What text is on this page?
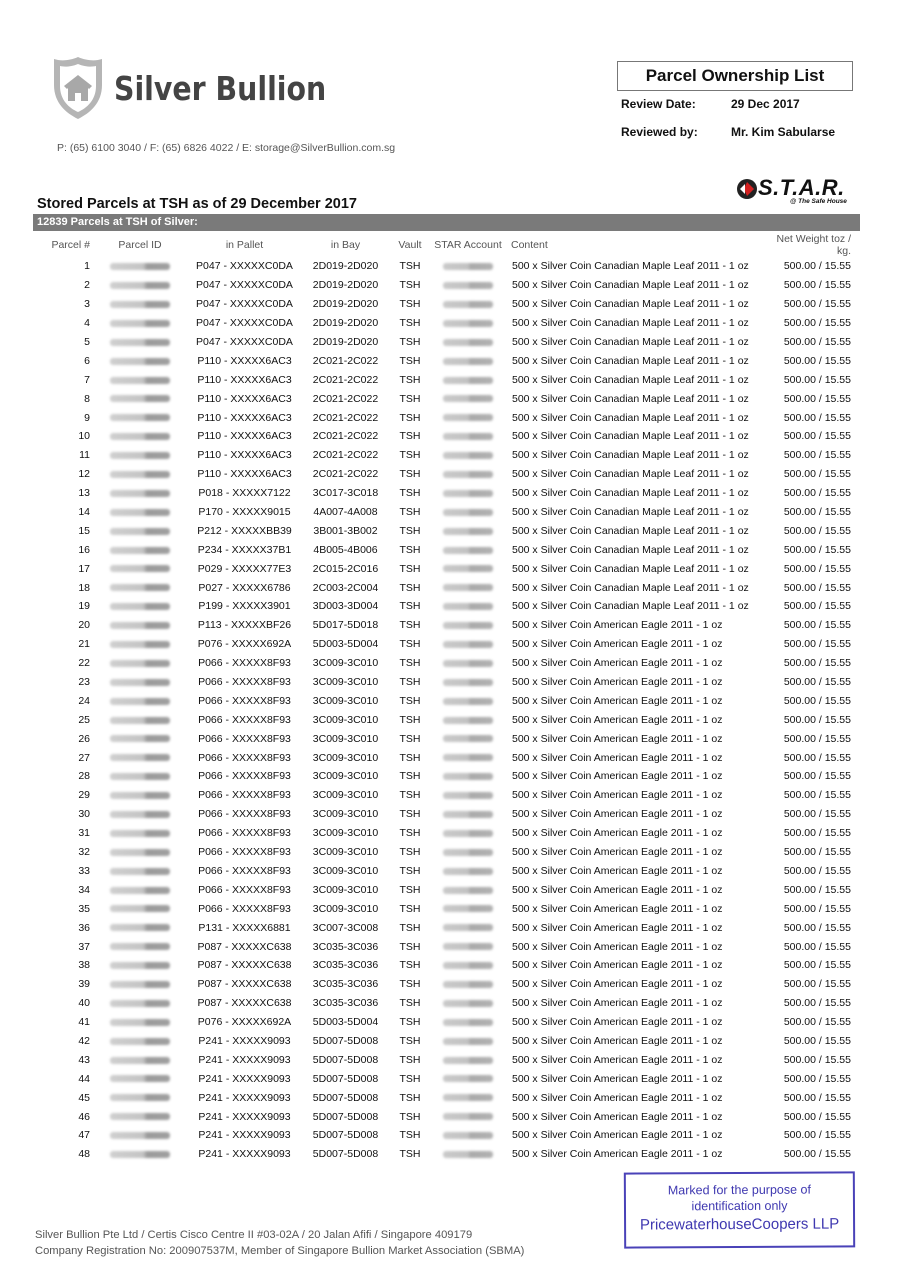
Silver Bullion
P: (65) 6100 3040 / F: (65) 6826 4022 / E: storage@SilverBullion.com.sg
Parcel Ownership List
Review Date:	29 Dec 2017
Reviewed by:	Mr. Kim Sabularse
S.T.A.R.
@ The Safe House
Stored Parcels at TSH as of 29 December 2017
12839 Parcels at TSH of Silver:
Parcel #	Parcel ID	in Pallet	in Bay	Vault	STAR Account	Content	Net Weight toz / kg.
1		P047 - XXXXXC0DA	2D019-2D020	TSH		500 x Silver Coin Canadian Maple Leaf 2011 - 1 oz	500.00 / 15.55
2		P047 - XXXXXC0DA	2D019-2D020	TSH		500 x Silver Coin Canadian Maple Leaf 2011 - 1 oz	500.00 / 15.55
3		P047 - XXXXXC0DA	2D019-2D020	TSH		500 x Silver Coin Canadian Maple Leaf 2011 - 1 oz	500.00 / 15.55
4		P047 - XXXXXC0DA	2D019-2D020	TSH		500 x Silver Coin Canadian Maple Leaf 2011 - 1 oz	500.00 / 15.55
5		P047 - XXXXXC0DA	2D019-2D020	TSH		500 x Silver Coin Canadian Maple Leaf 2011 - 1 oz	500.00 / 15.55
6		P110 - XXXXX6AC3	2C021-2C022	TSH		500 x Silver Coin Canadian Maple Leaf 2011 - 1 oz	500.00 / 15.55
7		P110 - XXXXX6AC3	2C021-2C022	TSH		500 x Silver Coin Canadian Maple Leaf 2011 - 1 oz	500.00 / 15.55
8		P110 - XXXXX6AC3	2C021-2C022	TSH		500 x Silver Coin Canadian Maple Leaf 2011 - 1 oz	500.00 / 15.55
9		P110 - XXXXX6AC3	2C021-2C022	TSH		500 x Silver Coin Canadian Maple Leaf 2011 - 1 oz	500.00 / 15.55
10		P110 - XXXXX6AC3	2C021-2C022	TSH		500 x Silver Coin Canadian Maple Leaf 2011 - 1 oz	500.00 / 15.55
11		P110 - XXXXX6AC3	2C021-2C022	TSH		500 x Silver Coin Canadian Maple Leaf 2011 - 1 oz	500.00 / 15.55
12		P110 - XXXXX6AC3	2C021-2C022	TSH		500 x Silver Coin Canadian Maple Leaf 2011 - 1 oz	500.00 / 15.55
13		P018 - XXXXX7122	3C017-3C018	TSH		500 x Silver Coin Canadian Maple Leaf 2011 - 1 oz	500.00 / 15.55
14		P170 - XXXXX9015	4A007-4A008	TSH		500 x Silver Coin Canadian Maple Leaf 2011 - 1 oz	500.00 / 15.55
15		P212 - XXXXXBB39	3B001-3B002	TSH		500 x Silver Coin Canadian Maple Leaf 2011 - 1 oz	500.00 / 15.55
16		P234 - XXXXX37B1	4B005-4B006	TSH		500 x Silver Coin Canadian Maple Leaf 2011 - 1 oz	500.00 / 15.55
17		P029 - XXXXX77E3	2C015-2C016	TSH		500 x Silver Coin Canadian Maple Leaf 2011 - 1 oz	500.00 / 15.55
18		P027 - XXXXX6786	2C003-2C004	TSH		500 x Silver Coin Canadian Maple Leaf 2011 - 1 oz	500.00 / 15.55
19		P199 - XXXXX3901	3D003-3D004	TSH		500 x Silver Coin Canadian Maple Leaf 2011 - 1 oz	500.00 / 15.55
20		P113 - XXXXXBF26	5D017-5D018	TSH		500 x Silver Coin American Eagle 2011 - 1 oz	500.00 / 15.55
21		P076 - XXXXX692A	5D003-5D004	TSH		500 x Silver Coin American Eagle 2011 - 1 oz	500.00 / 15.55
22		P066 - XXXXX8F93	3C009-3C010	TSH		500 x Silver Coin American Eagle 2011 - 1 oz	500.00 / 15.55
23		P066 - XXXXX8F93	3C009-3C010	TSH		500 x Silver Coin American Eagle 2011 - 1 oz	500.00 / 15.55
24		P066 - XXXXX8F93	3C009-3C010	TSH		500 x Silver Coin American Eagle 2011 - 1 oz	500.00 / 15.55
25		P066 - XXXXX8F93	3C009-3C010	TSH		500 x Silver Coin American Eagle 2011 - 1 oz	500.00 / 15.55
26		P066 - XXXXX8F93	3C009-3C010	TSH		500 x Silver Coin American Eagle 2011 - 1 oz	500.00 / 15.55
27		P066 - XXXXX8F93	3C009-3C010	TSH		500 x Silver Coin American Eagle 2011 - 1 oz	500.00 / 15.55
28		P066 - XXXXX8F93	3C009-3C010	TSH		500 x Silver Coin American Eagle 2011 - 1 oz	500.00 / 15.55
29		P066 - XXXXX8F93	3C009-3C010	TSH		500 x Silver Coin American Eagle 2011 - 1 oz	500.00 / 15.55
30		P066 - XXXXX8F93	3C009-3C010	TSH		500 x Silver Coin American Eagle 2011 - 1 oz	500.00 / 15.55
31		P066 - XXXXX8F93	3C009-3C010	TSH		500 x Silver Coin American Eagle 2011 - 1 oz	500.00 / 15.55
32		P066 - XXXXX8F93	3C009-3C010	TSH		500 x Silver Coin American Eagle 2011 - 1 oz	500.00 / 15.55
33		P066 - XXXXX8F93	3C009-3C010	TSH		500 x Silver Coin American Eagle 2011 - 1 oz	500.00 / 15.55
34		P066 - XXXXX8F93	3C009-3C010	TSH		500 x Silver Coin American Eagle 2011 - 1 oz	500.00 / 15.55
35		P066 - XXXXX8F93	3C009-3C010	TSH		500 x Silver Coin American Eagle 2011 - 1 oz	500.00 / 15.55
36		P131 - XXXXX6881	3C007-3C008	TSH		500 x Silver Coin American Eagle 2011 - 1 oz	500.00 / 15.55
37		P087 - XXXXXC638	3C035-3C036	TSH		500 x Silver Coin American Eagle 2011 - 1 oz	500.00 / 15.55
38		P087 - XXXXXC638	3C035-3C036	TSH		500 x Silver Coin American Eagle 2011 - 1 oz	500.00 / 15.55
39		P087 - XXXXXC638	3C035-3C036	TSH		500 x Silver Coin American Eagle 2011 - 1 oz	500.00 / 15.55
40		P087 - XXXXXC638	3C035-3C036	TSH		500 x Silver Coin American Eagle 2011 - 1 oz	500.00 / 15.55
41		P076 - XXXXX692A	5D003-5D004	TSH		500 x Silver Coin American Eagle 2011 - 1 oz	500.00 / 15.55
42		P241 - XXXXX9093	5D007-5D008	TSH		500 x Silver Coin American Eagle 2011 - 1 oz	500.00 / 15.55
43		P241 - XXXXX9093	5D007-5D008	TSH		500 x Silver Coin American Eagle 2011 - 1 oz	500.00 / 15.55
44		P241 - XXXXX9093	5D007-5D008	TSH		500 x Silver Coin American Eagle 2011 - 1 oz	500.00 / 15.55
45		P241 - XXXXX9093	5D007-5D008	TSH		500 x Silver Coin American Eagle 2011 - 1 oz	500.00 / 15.55
46		P241 - XXXXX9093	5D007-5D008	TSH		500 x Silver Coin American Eagle 2011 - 1 oz	500.00 / 15.55
47		P241 - XXXXX9093	5D007-5D008	TSH		500 x Silver Coin American Eagle 2011 - 1 oz	500.00 / 15.55
48		P241 - XXXXX9093	5D007-5D008	TSH		500 x Silver Coin American Eagle 2011 - 1 oz	500.00 / 15.55
Silver Bullion Pte Ltd / Certis Cisco Centre II #03-02A / 20 Jalan Afifi / Singapore 409179
Company Registration No: 200907537M, Member of Singapore Bullion Market Association (SBMA)
Marked for the purpose of
identification only
PricewaterhouseCoopers LLP
